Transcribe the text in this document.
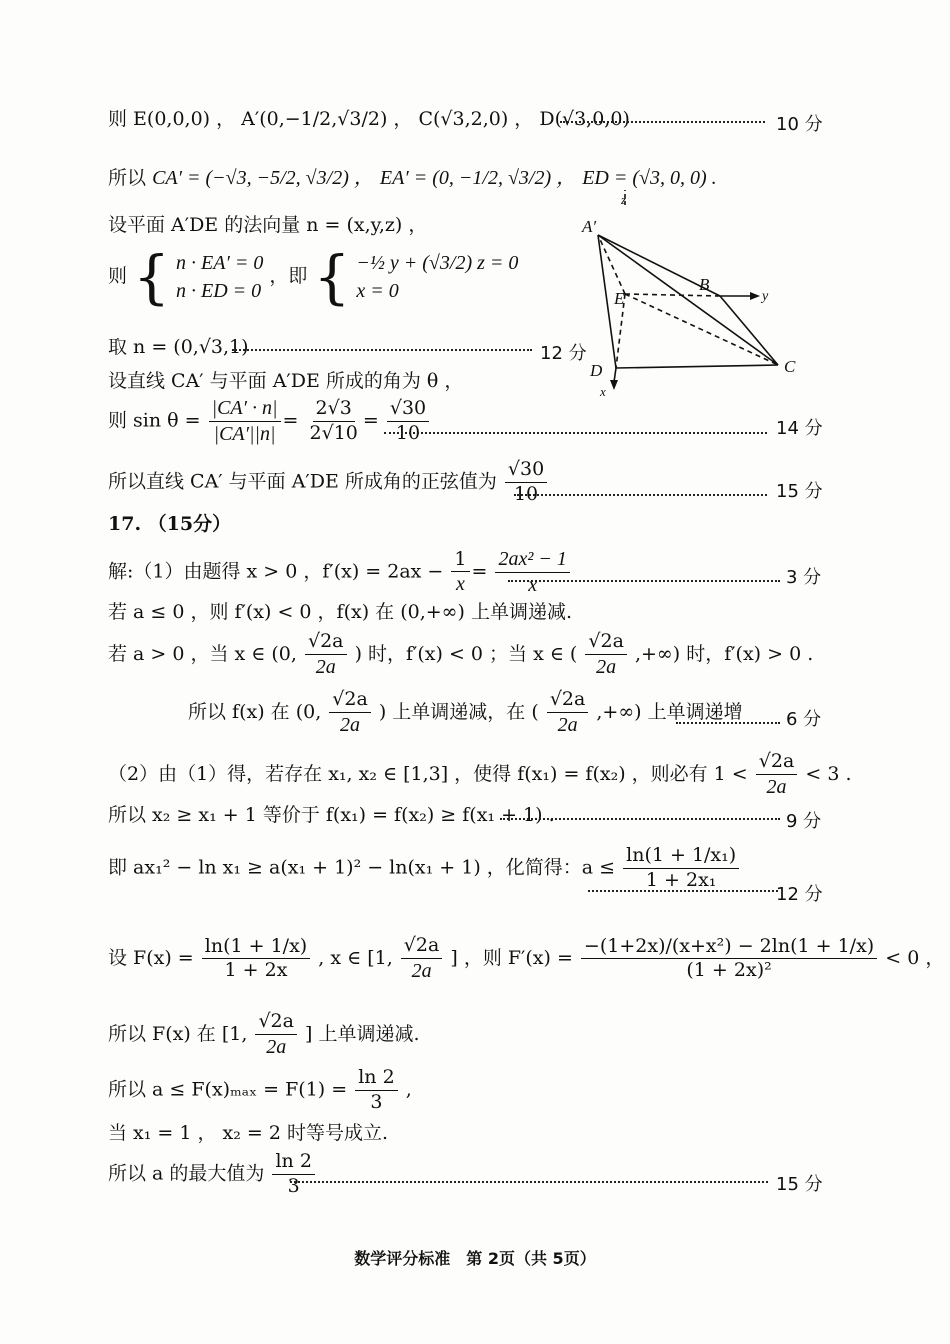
则 E(0,0,0) ， A′(0,−1/2,√3/2) ， C(√3,2,0) ， D(√3,0,0)	10 分
所以 CA′ = (−√3, −5/2, √3/2) ， EA′ = (0, −1/2, √3/2) ， ED = (√3, 0, 0) .
设平面 A′DE 的法向量 n = (x,y,z) ，
则 { n · EA′ = 0
n · ED = 0
，即 { −½ y + (√3/2) z = 0
x = 0
取 n = (0,√3,1)	12 分
设直线 CA′ 与平面 A′DE 所成的角为 θ ，
则 $\sin \theta = \frac{|CA' \cdot n|}{|CA'||n|} = \frac{2√3}{2√10} = \frac{√30}{10}$	14 分
所以直线 CA′ 与平面 A′DE 所成角的正弦值为 $\frac{√30}{10}$	15 分
A′
z
E
B
y
D	C
x
17. （15分）
解:（1）由题得 x > 0 ，$f'(x) = 2ax - \frac{1}{x} = \frac{\text{2ax² − 1}}{x}$	3 分
若 a ≤ 0 ，则 f′(x) < 0 ，f(x) 在 (0,+∞) 上单调递减.
若 a > 0 ，当 x ∈ (0, $\frac{√2a}{2a}$ ) 时，f′(x) < 0 ；当 x ∈ ( $\frac{√2a}{2a}$ ,+∞) 时，f′(x) > 0 .
所以 f(x) 在 (0, $\frac{√2a}{2a}$ ) 上单调递减，在 ( $\frac{√2a}{2a}$ ,+∞) 上单调递增 6 分
（2）由（1）得，若存在 x₁, x₂ ∈ [1,3] ，使得 f(x₁) = f(x₂) ，则必有 $1 < \frac{√2a}{2a} < 3$ .
所以 x₂ ≥ x₁ + 1 等价于 f(x₁) = f(x₂) ≥ f(x₁ + 1) .	9 分
即 ax₁² − ln x₁ ≥ a(x₁ + 1)² − ln(x₁ + 1) ，化简得：$a \le \frac{\text{ln(1 + 1/x₁)}}{\text{1 + 2x₁}}$
12 分
设 $F(x) = \frac{\ln(1 + 1/x)}{1 + 2x}$ , x ∈ [1, $\frac{√2a}{2a}$ ] ，则 $F'(x) = \frac{\text{−(1+2x)/(x+x²) − 2ln(1 + 1/x)}}{\text{(1 + 2x)²}} < 0$ ，
所以 F(x) 在 [1, $\frac{√2a}{2a}$ ] 上单调递减.
所以 $a \le F(x)_{max} = F(1) = \frac{\ln 2}{3}$ ,
当 x₁ = 1 ， x₂ = 2 时等号成立.
所以 a 的最大值为 $\frac{\ln 2}{3}$	15 分
数学评分标准　第 2页（共 5页）
